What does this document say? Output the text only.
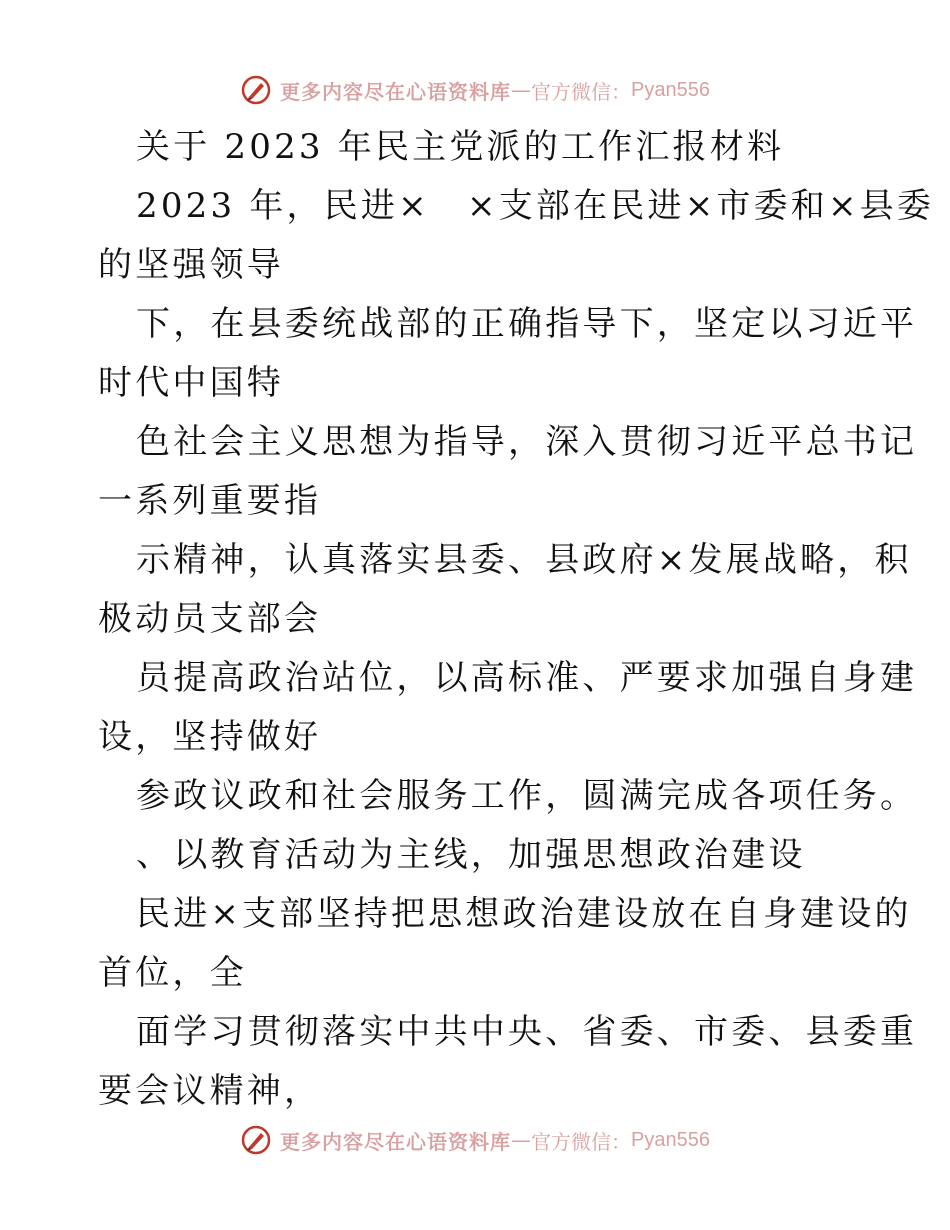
更多内容尽在心语资料库 — 官方微信： Pyan556
关于 2023 年民主党派的工作汇报材料
2023 年，民进×　×支部在民进×市委和×县委
的坚强领导
下，在县委统战部的正确指导下，坚定以习近平
时代中国特
色社会主义思想为指导，深入贯彻习近平总书记
一系列重要指
示精神，认真落实县委、县政府×发展战略，积
极动员支部会
员提高政治站位，以高标准、严要求加强自身建
设，坚持做好
参政议政和社会服务工作，圆满完成各项任务。
、以教育活动为主线，加强思想政治建设
民进×支部坚持把思想政治建设放在自身建设的
首位，全
面学习贯彻落实中共中央、省委、市委、县委重
要会议精神，
更多内容尽在心语资料库 — 官方微信： Pyan556
